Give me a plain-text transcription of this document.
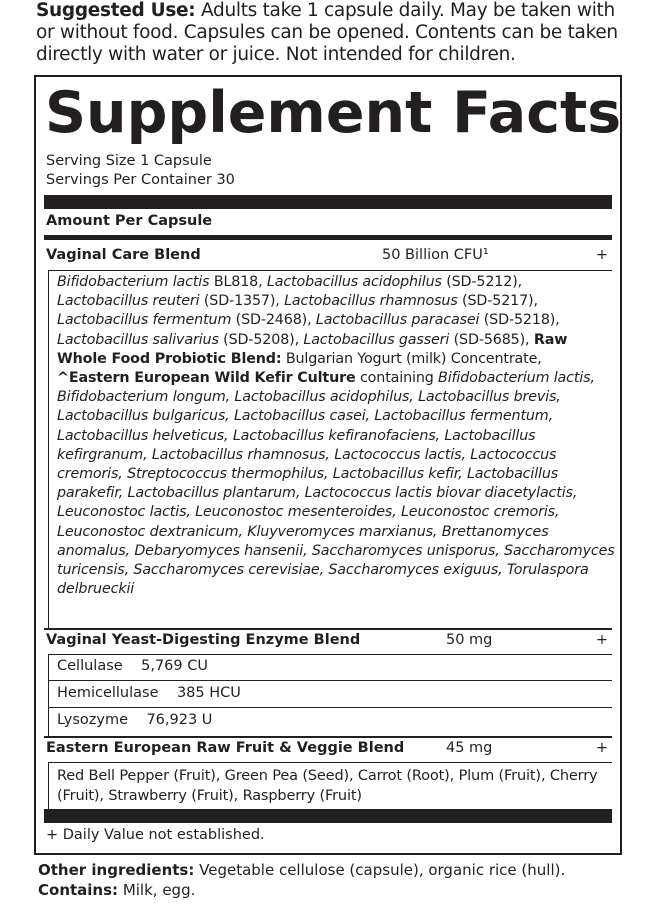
Suggested Use: Adults take 1 capsule daily. May be taken with or without food. Capsules can be opened. Contents can be taken directly with water or juice. Not intended for children.
Supplement Facts
Serving Size 1 Capsule
Servings Per Container 30
Amount Per Capsule
Vaginal Care Blend	50 Billion CFU¹	+
Bifidobacterium lactis BL818, Lactobacillus acidophilus (SD-5212), Lactobacillus reuteri (SD-1357), Lactobacillus rhamnosus (SD-5217), Lactobacillus fermentum (SD-2468), Lactobacillus paracasei (SD-5218), Lactobacillus salivarius (SD-5208), Lactobacillus gasseri (SD-5685), Raw Whole Food Probiotic Blend: Bulgarian Yogurt (milk) Concentrate, ^Eastern European Wild Kefir Culture containing Bifidobacterium lactis, Bifidobacterium longum, Lactobacillus acidophilus, Lactobacillus brevis, Lactobacillus bulgaricus, Lactobacillus casei, Lactobacillus fermentum, Lactobacillus helveticus, Lactobacillus kefiranofaciens, Lactobacillus kefirgranum, Lactobacillus rhamnosus, Lactococcus lactis, Lactococcus cremoris, Streptococcus thermophilus, Lactobacillus kefir, Lactobacillus parakefir, Lactobacillus plantarum, Lactococcus lactis biovar diacetylactis, Leuconostoc lactis, Leuconostoc mesenteroides, Leuconostoc cremoris, Leuconostoc dextranicum, Kluyveromyces marxianus, Brettanomyces anomalus, Debaryomyces hansenii, Saccharomyces unisporus, Saccharomyces turicensis, Saccharomyces cerevisiae, Saccharomyces exiguus, Torulaspora delbrueckii
Vaginal Yeast-Digesting Enzyme Blend	50 mg	+
Cellulase 5,769 CU
Hemicellulase 385 HCU
Lysozyme 76,923 U
Eastern European Raw Fruit & Veggie Blend	45 mg	+
Red Bell Pepper (Fruit), Green Pea (Seed), Carrot (Root), Plum (Fruit), Cherry (Fruit), Strawberry (Fruit), Raspberry (Fruit)
+ Daily Value not established.
Other ingredients: Vegetable cellulose (capsule), organic rice (hull).
Contains: Milk, egg.
